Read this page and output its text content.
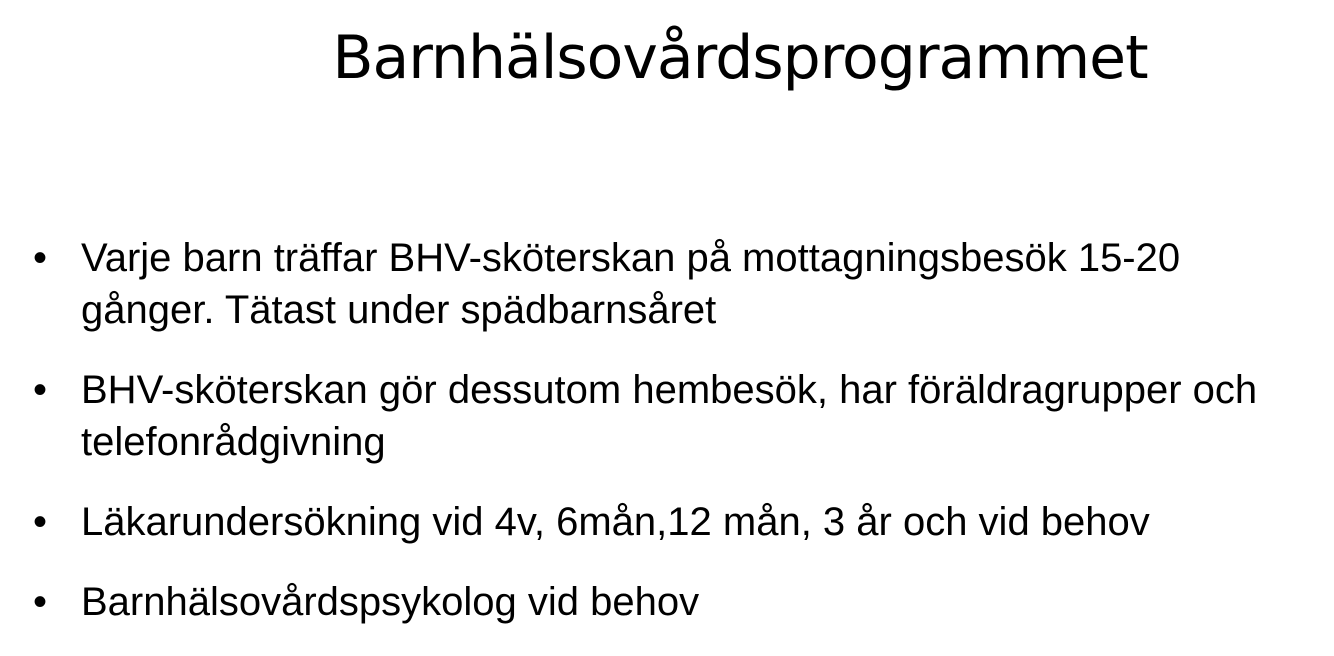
Barnhälsovårdsprogrammet
• Varje barn träffar BHV-sköterskan på mottagningsbesök 15-20 gånger. Tätast under spädbarnsåret
• BHV-sköterskan gör dessutom hembesök, har föräldragrupper och telefonrådgivning
• Läkarundersökning vid 4v, 6mån,12 mån, 3 år och vid behov
• Barnhälsovårdspsykolog vid behov
